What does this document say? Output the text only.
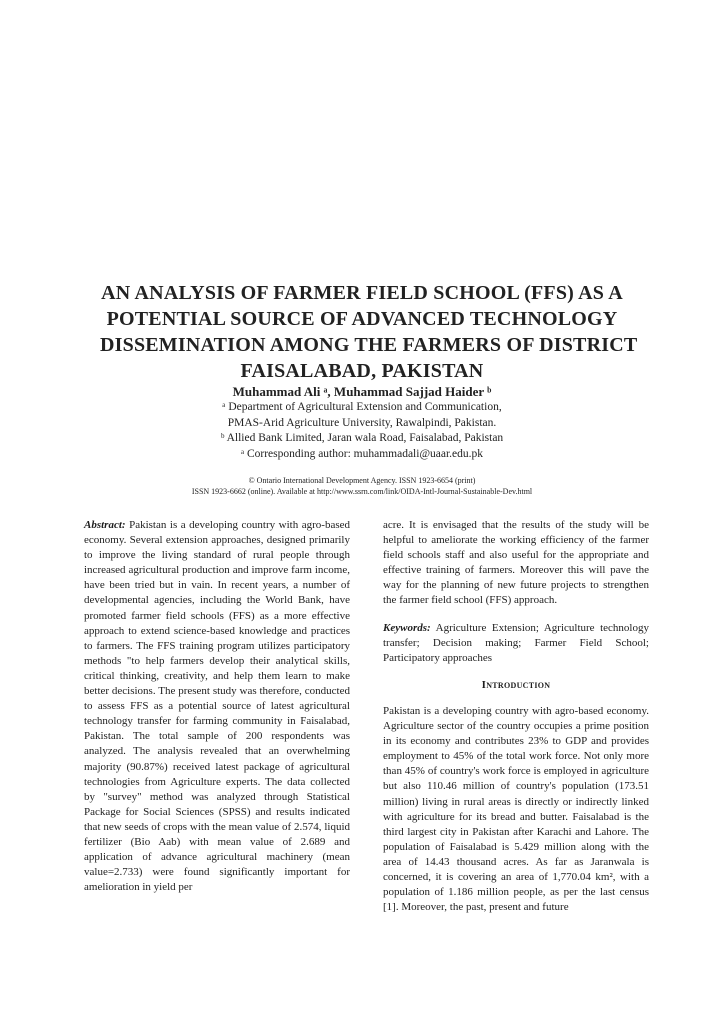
AN ANALYSIS OF FARMER FIELD SCHOOL (FFS) AS A
POTENTIAL SOURCE OF ADVANCED TECHNOLOGY
DISSEMINATION AMONG THE FARMERS OF DISTRICT
FAISALABAD, PAKISTAN
Muhammad Ali ᵃ, Muhammad Sajjad Haider ᵇ
ᵃ Department of Agricultural Extension and Communication,
PMAS-Arid Agriculture University, Rawalpindi, Pakistan.
ᵇ Allied Bank Limited, Jaran wala Road, Faisalabad, Pakistan
ᵃ Corresponding author: muhammadali@uaar.edu.pk
© Ontario International Development Agency. ISSN 1923-6654 (print)
ISSN 1923-6662 (online). Available at http://www.ssrn.com/link/OIDA-Intl-Journal-Sustainable-Dev.html

Abstract: Pakistan is a developing country with agro-based economy. Several extension approaches, designed primarily to improve the living standard of rural people through increased agricultural production and improve farm income, have been tried but in vain. In recent years, a number of developmental agencies, including the World Bank, have promoted farmer field schools (FFS) as a more effective approach to extend science-based knowledge and practices to farmers. The FFS training program utilizes participatory methods "to help farmers develop their analytical skills, critical thinking, creativity, and help them learn to make better decisions. The present study was therefore, conducted to assess FFS as a potential source of latest agricultural technology transfer for farming community in Faisalabad, Pakistan. The total sample of 200 respondents was analyzed. The analysis revealed that an overwhelming majority (90.87%) received latest package of agricultural technologies from Agriculture experts. The data collected by "survey" method was analyzed through Statistical Package for Social Sciences (SPSS) and results indicated that new seeds of crops with the mean value of 2.574, liquid fertilizer (Bio Aab) with mean value of 2.689 and application of advance agricultural machinery (mean value=2.733) were found significantly important for amelioration in yield per

acre. It is envisaged that the results of the study will be helpful to ameliorate the working efficiency of the farmer field schools staff and also useful for the appropriate and effective training of farmers. Moreover this will pave the way for the planning of new future projects to strengthen the farmer field school (FFS) approach.

Keywords: Agriculture Extension; Agriculture technology transfer; Decision making; Farmer Field School; Participatory approaches

Introduction

Pakistan is a developing country with agro-based economy. Agriculture sector of the country occupies a prime position in its economy and contributes 23% to GDP and provides employment to 45% of the total work force. Not only more than 45% of country's work force is employed in agriculture but also 110.46 million of country's population (173.51 million) living in rural areas is directly or indirectly linked with agriculture for its bread and butter. Faisalabad is the third largest city in Pakistan after Karachi and Lahore. The population of Faisalabad is 5.429 million along with the area of 14.43 thousand acres. As far as Jaranwala is concerned, it is covering an area of 1,770.04 km², with a population of 1.186 million people, as per the last census [1]. Moreover, the past, present and future
